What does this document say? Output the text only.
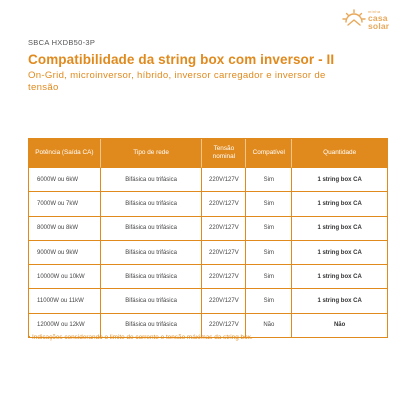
minha
casa
solar
SBCA HXDB50-3P
Compatibilidade da string box com inversor - II
On-Grid, microinversor, híbrido, inversor carregador e inversor de tensão
Potência (Saída CA)	Tipo de rede	Tensão nominal	Compatível	Quantidade
6000W ou 6kW	Bifásica ou trifásica	220V/127V	Sim	1 string box CA
7000W ou 7kW	Bifásica ou trifásica	220V/127V	Sim	1 string box CA
8000W ou 8kW	Bifásica ou trifásica	220V/127V	Sim	1 string box CA
9000W ou 9kW	Bifásica ou trifásica	220V/127V	Sim	1 string box CA
10000W ou 10kW	Bifásica ou trifásica	220V/127V	Sim	1 string box CA
11000W ou 11kW	Bifásica ou trifásica	220V/127V	Sim	1 string box CA
12000W ou 12kW	Bifásica ou trifásica	220V/127V	Não	Não
• Indicações considerando o limite de corrente e tensão máximas da string box.
